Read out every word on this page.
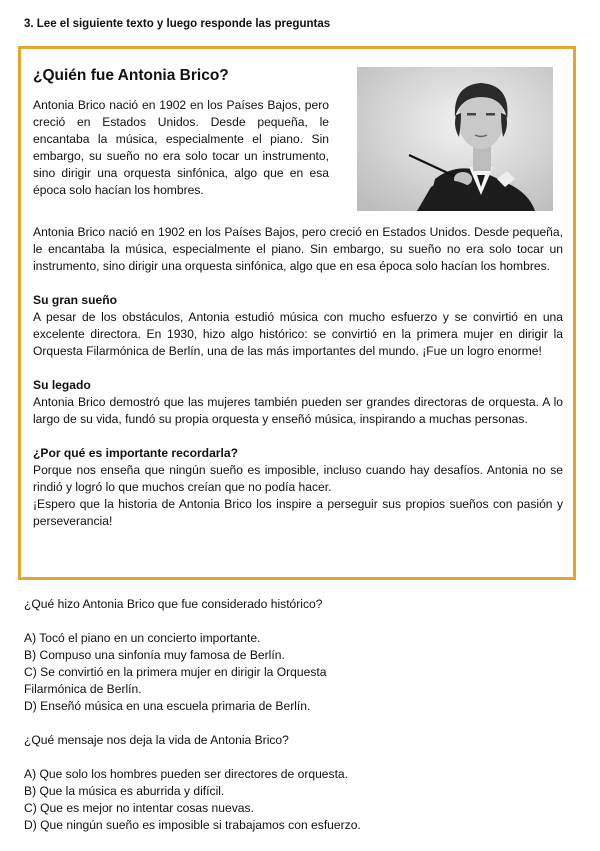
3. Lee el siguiente texto y luego responde las preguntas

¿Quién fue Antonia Brico?

Antonia Brico nació en 1902 en los Países Bajos, pero creció en Estados Unidos. Desde pequeña, le encantaba la música, especialmente el piano. Sin embargo, su sueño no era solo tocar un instrumento, sino dirigir una orquesta sinfónica, algo que en esa época solo hacían los hombres.

Antonia Brico nació en 1902 en los Países Bajos, pero creció en Estados Unidos. Desde pequeña, le encantaba la música, especialmente el piano. Sin embargo, su sueño no era solo tocar un instrumento, sino dirigir una orquesta sinfónica, algo que en esa época solo hacían los hombres.

Su gran sueño

A pesar de los obstáculos, Antonia estudió música con mucho esfuerzo y se convirtió en una excelente directora. En 1930, hizo algo histórico: se convirtió en la primera mujer en dirigir la Orquesta Filarmónica de Berlín, una de las más importantes del mundo. ¡Fue un logro enorme!

Su legado

Antonia Brico demostró que las mujeres también pueden ser grandes directoras de orquesta. A lo largo de su vida, fundó su propia orquesta y enseñó música, inspirando a muchas personas.

¿Por qué es importante recordarla?

Porque nos enseña que ningún sueño es imposible, incluso cuando hay desafíos. Antonia no se rindió y logró lo que muchos creían que no podía hacer.

¡Espero que la historia de Antonia Brico los inspire a perseguir sus propios sueños con pasión y perseverancia!

¿Qué hizo Antonia Brico que fue considerado histórico?

A) Tocó el piano en un concierto importante.
B) Compuso una sinfonía muy famosa de Berlín.
C) Se convirtió en la primera mujer en dirigir la Orquesta Filarmónica de Berlín.
D) Enseñó música en una escuela primaria de Berlín.

¿Qué mensaje nos deja la vida de Antonia Brico?

A) Que solo los hombres pueden ser directores de orquesta.
B) Que la música es aburrida y difícil.
C) Que es mejor no intentar cosas nuevas.
D) Que ningún sueño es imposible si trabajamos con esfuerzo.
